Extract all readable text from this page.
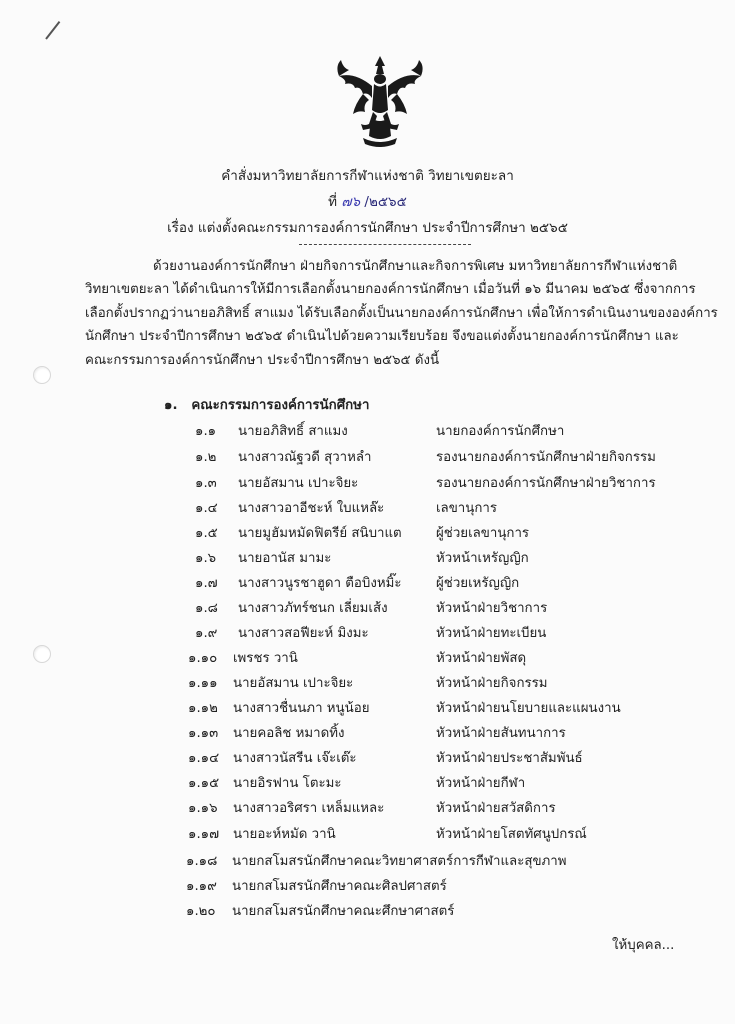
คำสั่งมหาวิทยาลัยการกีฬาแห่งชาติ วิทยาเขตยะลา
ที่ ๗๖ /๒๕๖๕
เรื่อง แต่งตั้งคณะกรรมการองค์การนักศึกษา ประจำปีการศึกษา ๒๕๖๕
ด้วยงานองค์การนักศึกษา ฝ่ายกิจการนักศึกษาและกิจการพิเศษ มหาวิทยาลัยการกีฬาแห่งชาติ
วิทยาเขตยะลา ได้ดำเนินการให้มีการเลือกตั้งนายกองค์การนักศึกษา เมื่อวันที่ ๑๖ มีนาคม ๒๕๖๕ ซึ่งจากการ
เลือกตั้งปรากฏว่านายอภิสิทธิ์ สาแมง ได้รับเลือกตั้งเป็นนายกองค์การนักศึกษา เพื่อให้การดำเนินงานขององค์การ
นักศึกษา ประจำปีการศึกษา ๒๕๖๕ ดำเนินไปด้วยความเรียบร้อย จึงขอแต่งตั้งนายกองค์การนักศึกษา และ
คณะกรรมการองค์การนักศึกษา ประจำปีการศึกษา ๒๕๖๕ ดังนี้
๑. คณะกรรมการองค์การนักศึกษา
๑.๑ นายอภิสิทธิ์ สาแมง	นายกองค์การนักศึกษา
๑.๒ นางสาวณัฐวดี สุวาหลำ	รองนายกองค์การนักศึกษาฝ่ายกิจกรรม
๑.๓ นายอัสมาน เปาะจิยะ	รองนายกองค์การนักศึกษาฝ่ายวิชาการ
๑.๔ นางสาวอาอีชะห์ ใบแหล๊ะ	เลขานุการ
๑.๕ นายมูฮัมหมัดฟิตรีย์ สนิบาแต	ผู้ช่วยเลขานุการ
๑.๖ นายอานัส มามะ	หัวหน้าเหรัญญิก
๑.๗ นางสาวนูรชาฮูดา ตือบิงหมิ๊ะ	ผู้ช่วยเหรัญญิก
๑.๘ นางสาวภัทร์ชนก เลี่ยมเส้ง	หัวหน้าฝ่ายวิชาการ
๑.๙ นางสาวสอฟียะห์ มิงมะ	หัวหน้าฝ่ายทะเบียน
๑.๑๐ เพรชร วานิ	หัวหน้าฝ่ายพัสดุ
๑.๑๑ นายอัสมาน เปาะจิยะ	หัวหน้าฝ่ายกิจกรรม
๑.๑๒ นางสาวชื่นนภา หนูน้อย	หัวหน้าฝ่ายนโยบายและแผนงาน
๑.๑๓ นายคอลิช หมาดทิ้ง	หัวหน้าฝ่ายสันทนาการ
๑.๑๔ นางสาวนัสรีน เจ๊ะเต๊ะ	หัวหน้าฝ่ายประชาสัมพันธ์
๑.๑๕ นายอิรฟาน โตะมะ	หัวหน้าฝ่ายกีฬา
๑.๑๖ นางสาวอริศรา เหล็มแหละ	หัวหน้าฝ่ายสวัสดิการ
๑.๑๗ นายอะห์หมัด วานิ	หัวหน้าฝ่ายโสตทัศนูปกรณ์
๑.๑๘ นายกสโมสรนักศึกษาคณะวิทยาศาสตร์การกีฬาและสุขภาพ
๑.๑๙ นายกสโมสรนักศึกษาคณะศิลปศาสตร์
๑.๒๐ นายกสโมสรนักศึกษาคณะศึกษาศาสตร์
ให้บุคคล...
